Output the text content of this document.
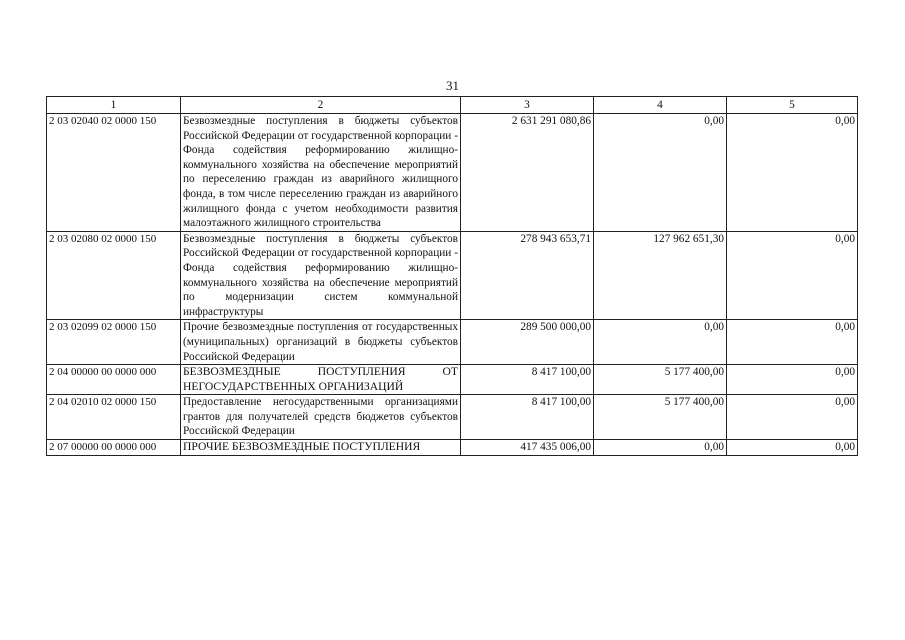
31
1	2	3	4	5
2 03 02040 02 0000 150	Безвозмездные поступления в бюджеты субъектов Российской Федерации от государственной корпорации - Фонда содействия реформированию жилищно-коммунального хозяйства на обеспечение мероприятий по переселению граждан из аварийного жилищного фонда, в том числе переселению граждан из аварийного жилищного фонда с учетом необходимости развития малоэтажного жилищного строительства	2 631 291 080,86	0,00	0,00
2 03 02080 02 0000 150	Безвозмездные поступления в бюджеты субъектов Российской Федерации от государственной корпорации - Фонда содействия реформированию жилищно-коммунального хозяйства на обеспечение мероприятий по модернизации систем коммунальной инфраструктуры	278 943 653,71	127 962 651,30	0,00
2 03 02099 02 0000 150	Прочие безвозмездные поступления от государственных (муниципальных) организаций в бюджеты субъектов Российской Федерации	289 500 000,00	0,00	0,00
2 04 00000 00 0000 000	БЕЗВОЗМЕЗДНЫЕ ПОСТУПЛЕНИЯ ОТ НЕГОСУДАРСТВЕННЫХ ОРГАНИЗАЦИЙ	8 417 100,00	5 177 400,00	0,00
2 04 02010 02 0000 150	Предоставление негосударственными организациями грантов для получателей средств бюджетов субъектов Российской Федерации	8 417 100,00	5 177 400,00	0,00
2 07 00000 00 0000 000	ПРОЧИЕ БЕЗВОЗМЕЗДНЫЕ ПОСТУПЛЕНИЯ	417 435 006,00	0,00	0,00
